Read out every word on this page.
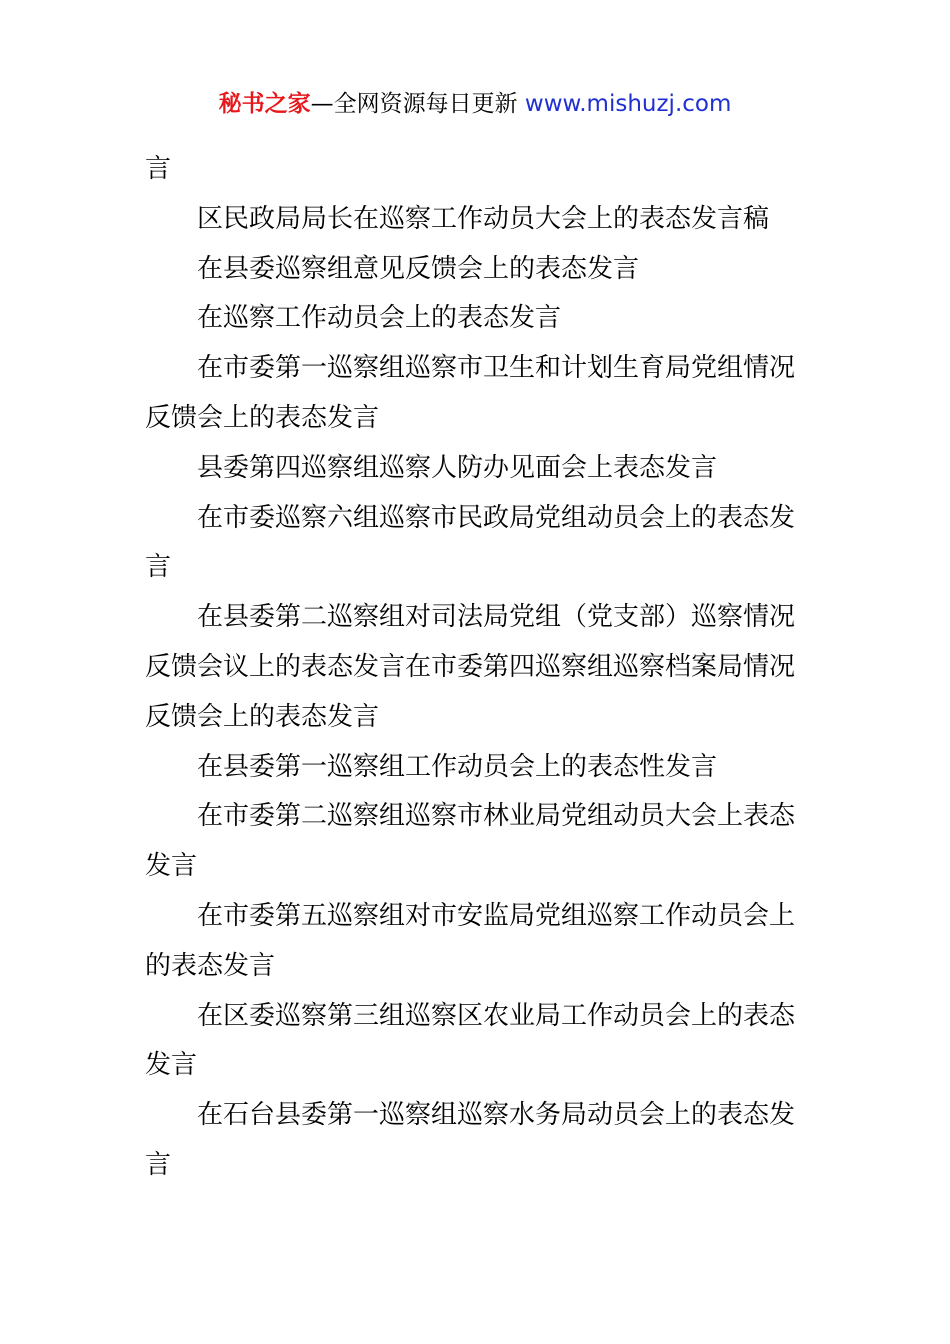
秘书之家—全网资源每日更新 www.mishuzj.com

言

区民政局局长在巡察工作动员大会上的表态发言稿

在县委巡察组意见反馈会上的表态发言

在巡察工作动员会上的表态发言

在市委第一巡察组巡察市卫生和计划生育局党组情况反馈会上的表态发言

县委第四巡察组巡察人防办见面会上表态发言

在市委巡察六组巡察市民政局党组动员会上的表态发言

在县委第二巡察组对司法局党组（党支部）巡察情况反馈会议上的表态发言在市委第四巡察组巡察档案局情况反馈会上的表态发言

在县委第一巡察组工作动员会上的表态性发言

在市委第二巡察组巡察市林业局党组动员大会上表态发言

在市委第五巡察组对市安监局党组巡察工作动员会上的表态发言

在区委巡察第三组巡察区农业局工作动员会上的表态发言

在石台县委第一巡察组巡察水务局动员会上的表态发言
